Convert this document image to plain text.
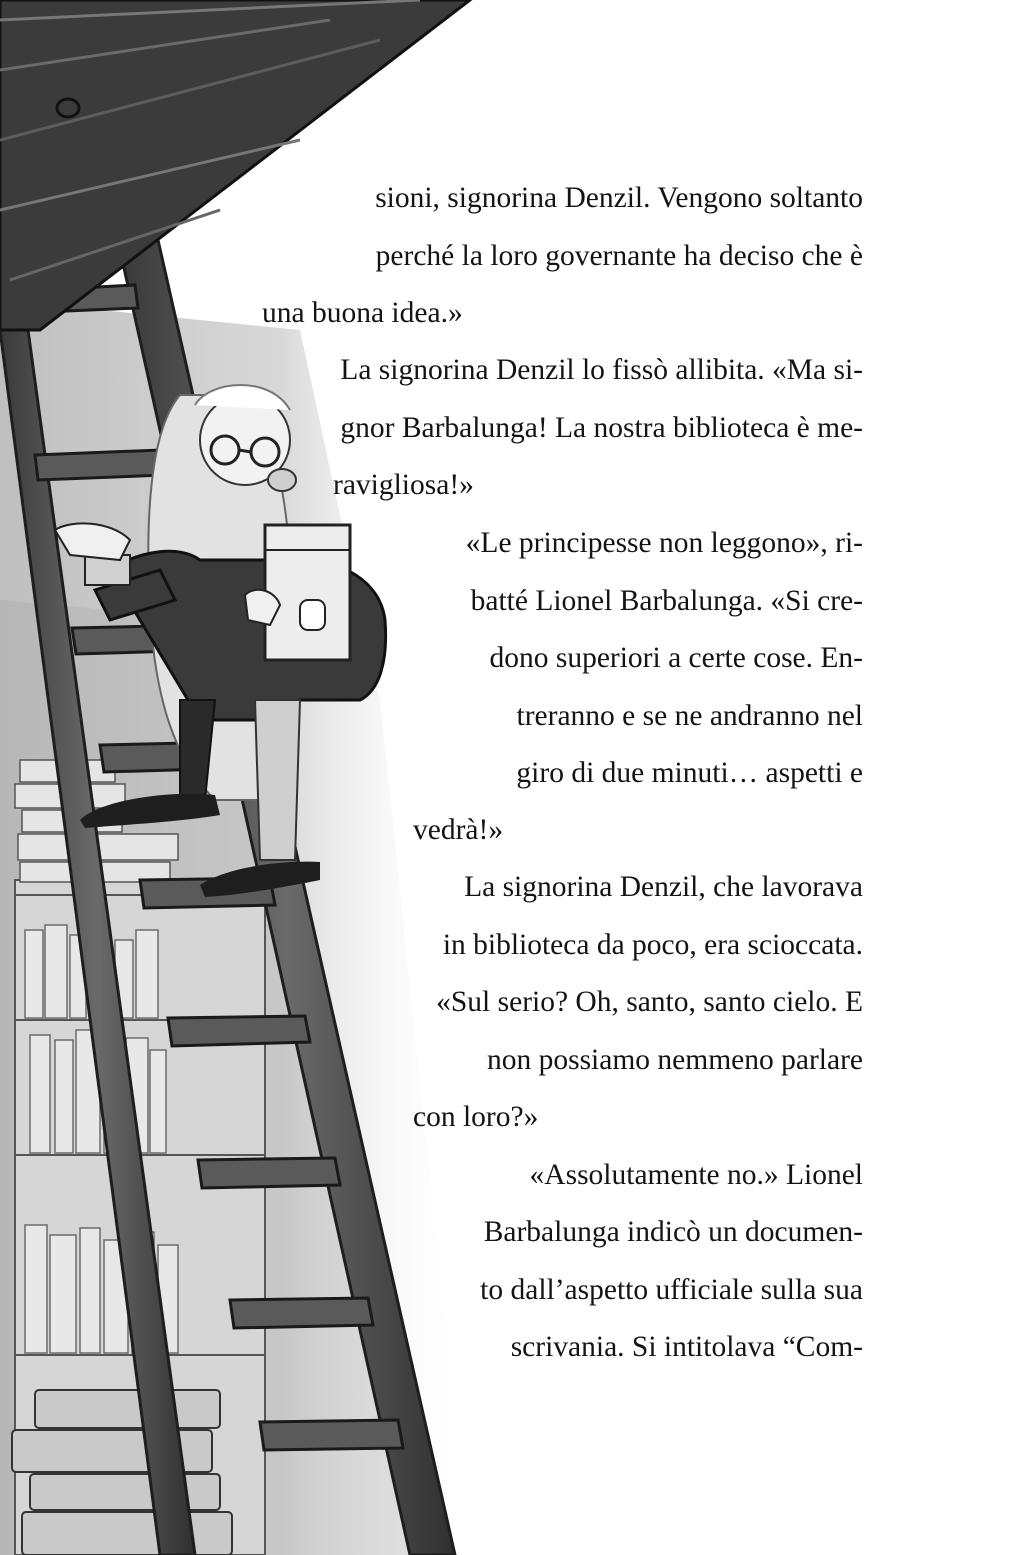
sioni, signorina Denzil. Vengono soltanto
perché la loro governante ha deciso che è
una buona idea.»
La signorina Denzil lo fissò allibita. «Ma si-
gnor Barbalunga! La nostra biblioteca è me-
ravigliosa!»
«Le principesse non leggono», ri-
batté Lionel Barbalunga. «Si cre-
dono superiori a certe cose. En-
treranno e se ne andranno nel
giro di due minuti… aspetti e
vedrà!»
La signorina Denzil, che lavorava
in biblioteca da poco, era scioccata.
«Sul serio? Oh, santo, santo cielo. E
non possiamo nemmeno parlare
con loro?»
«Assolutamente no.» Lionel
Barbalunga indicò un documen-
to dall’aspetto ufficiale sulla sua
scrivania. Si intitolava “Com-
